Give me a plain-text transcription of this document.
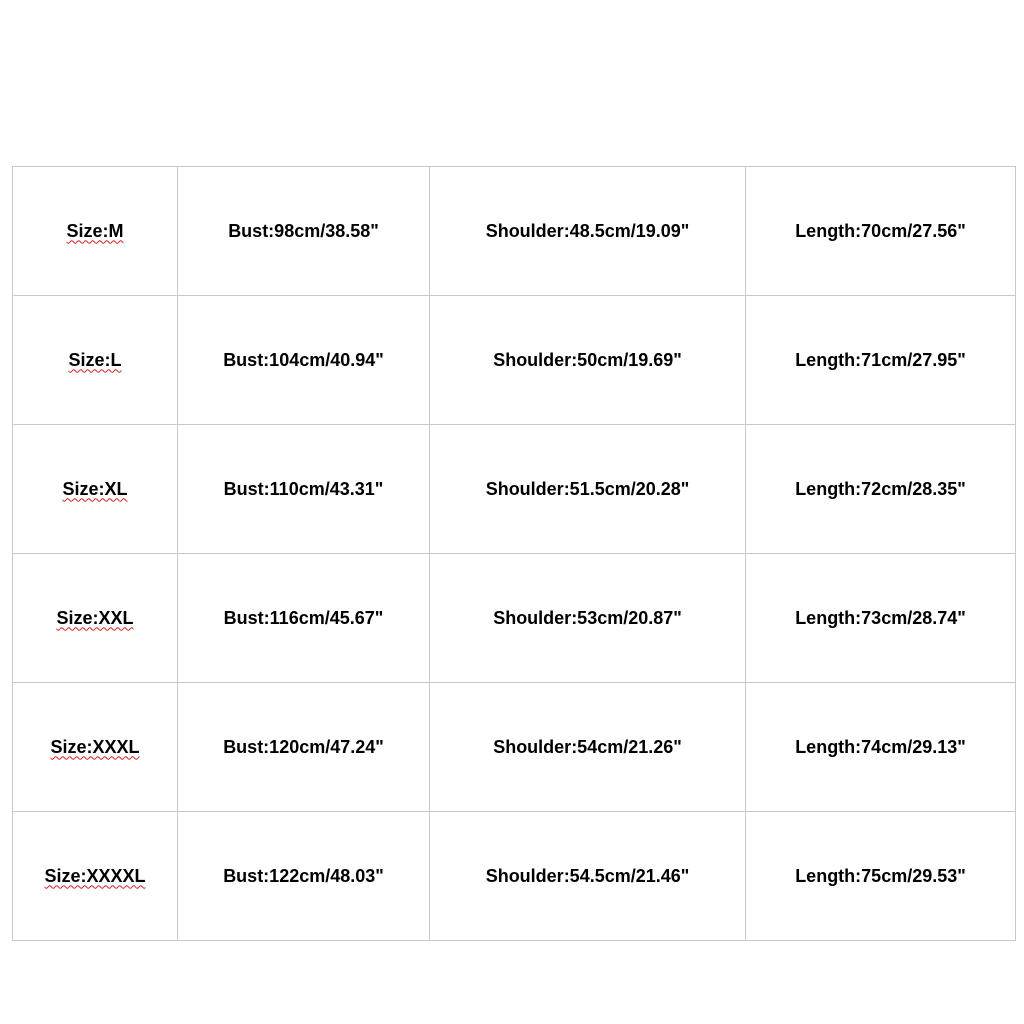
Size:M	Bust:98cm/38.58"	Shoulder:48.5cm/19.09"	Length:70cm/27.56"
Size:L	Bust:104cm/40.94"	Shoulder:50cm/19.69"	Length:71cm/27.95"
Size:XL	Bust:110cm/43.31"	Shoulder:51.5cm/20.28"	Length:72cm/28.35"
Size:XXL	Bust:116cm/45.67"	Shoulder:53cm/20.87"	Length:73cm/28.74"
Size:XXXL	Bust:120cm/47.24"	Shoulder:54cm/21.26"	Length:74cm/29.13"
Size:XXXXL	Bust:122cm/48.03"	Shoulder:54.5cm/21.46"	Length:75cm/29.53"
